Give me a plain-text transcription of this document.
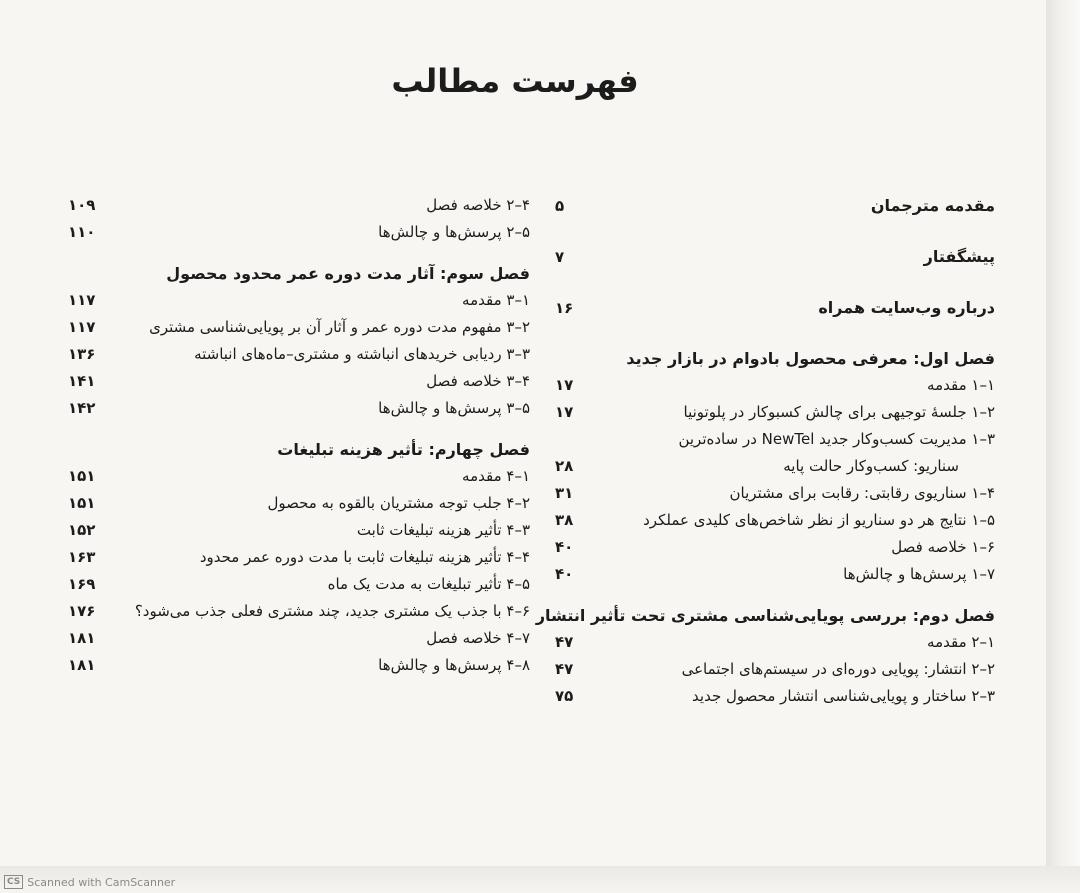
فهرست مطالب
مقدمه مترجمان
۵
پیشگفتار
۷
درباره وب‌سایت همراه
۱۶
فصل اول: معرفی محصول بادوام در بازار جدید
۱–۱ مقدمه
۱۷
۲–۱ جلسهٔ توجیهی برای چالش کسبوکار در پلوتونیا
۱۷
۳–۱ مدیریت کسب‌وکار جدید NewTel در ساده‌ترین
سناریو: کسب‌وکار حالت پایه
۲۸
۴–۱ سناریوی رقابتی: رقابت برای مشتریان
۳۱
۵–۱ نتایج هر دو سناریو از نظر شاخص‌های کلیدی عملکرد
۳۸
۶–۱ خلاصه فصل
۴۰
۷–۱ پرسش‌ها و چالش‌ها
۴۰
فصل دوم: بررسی پویایی‌شناسی مشتری تحت تأثیر انتشار
۱–۲ مقدمه
۴۷
۲–۲ انتشار: پویایی دوره‌ای در سیستم‌های اجتماعی
۴۷
۳–۲ ساختار و پویایی‌شناسی انتشار محصول جدید
۷۵
۴–۲ خلاصه فصل
۱۰۹
۵–۲ پرسش‌ها و چالش‌ها
۱۱۰
فصل سوم: آثار مدت دوره عمر محدود محصول
۱–۳ مقدمه
۱۱۷
۲–۳ مفهوم مدت دوره عمر و آثار آن بر پویایی‌شناسی مشتری
۱۱۷
۳–۳ ردیابی خریدهای انباشته و مشتری–ماه‌های انباشته
۱۳۶
۴–۳ خلاصه فصل
۱۴۱
۵–۳ پرسش‌ها و چالش‌ها
۱۴۲
فصل چهارم: تأثیر هزینه تبلیغات
۱–۴ مقدمه
۱۵۱
۲–۴ جلب توجه مشتریان بالقوه به محصول
۱۵۱
۳–۴ تأثیر هزینه تبلیغات ثابت
۱۵۲
۴–۴ تأثیر هزینه تبلیغات ثابت با مدت دوره عمر محدود
۱۶۳
۵–۴ تأثیر تبلیغات به مدت یک ماه
۱۶۹
۶–۴ با جذب یک مشتری جدید، چند مشتری فعلی جذب می‌شود؟
۱۷۶
۷–۴ خلاصه فصل
۱۸۱
۸–۴ پرسش‌ها و چالش‌ها
۱۸۱
CS Scanned with CamScanner
